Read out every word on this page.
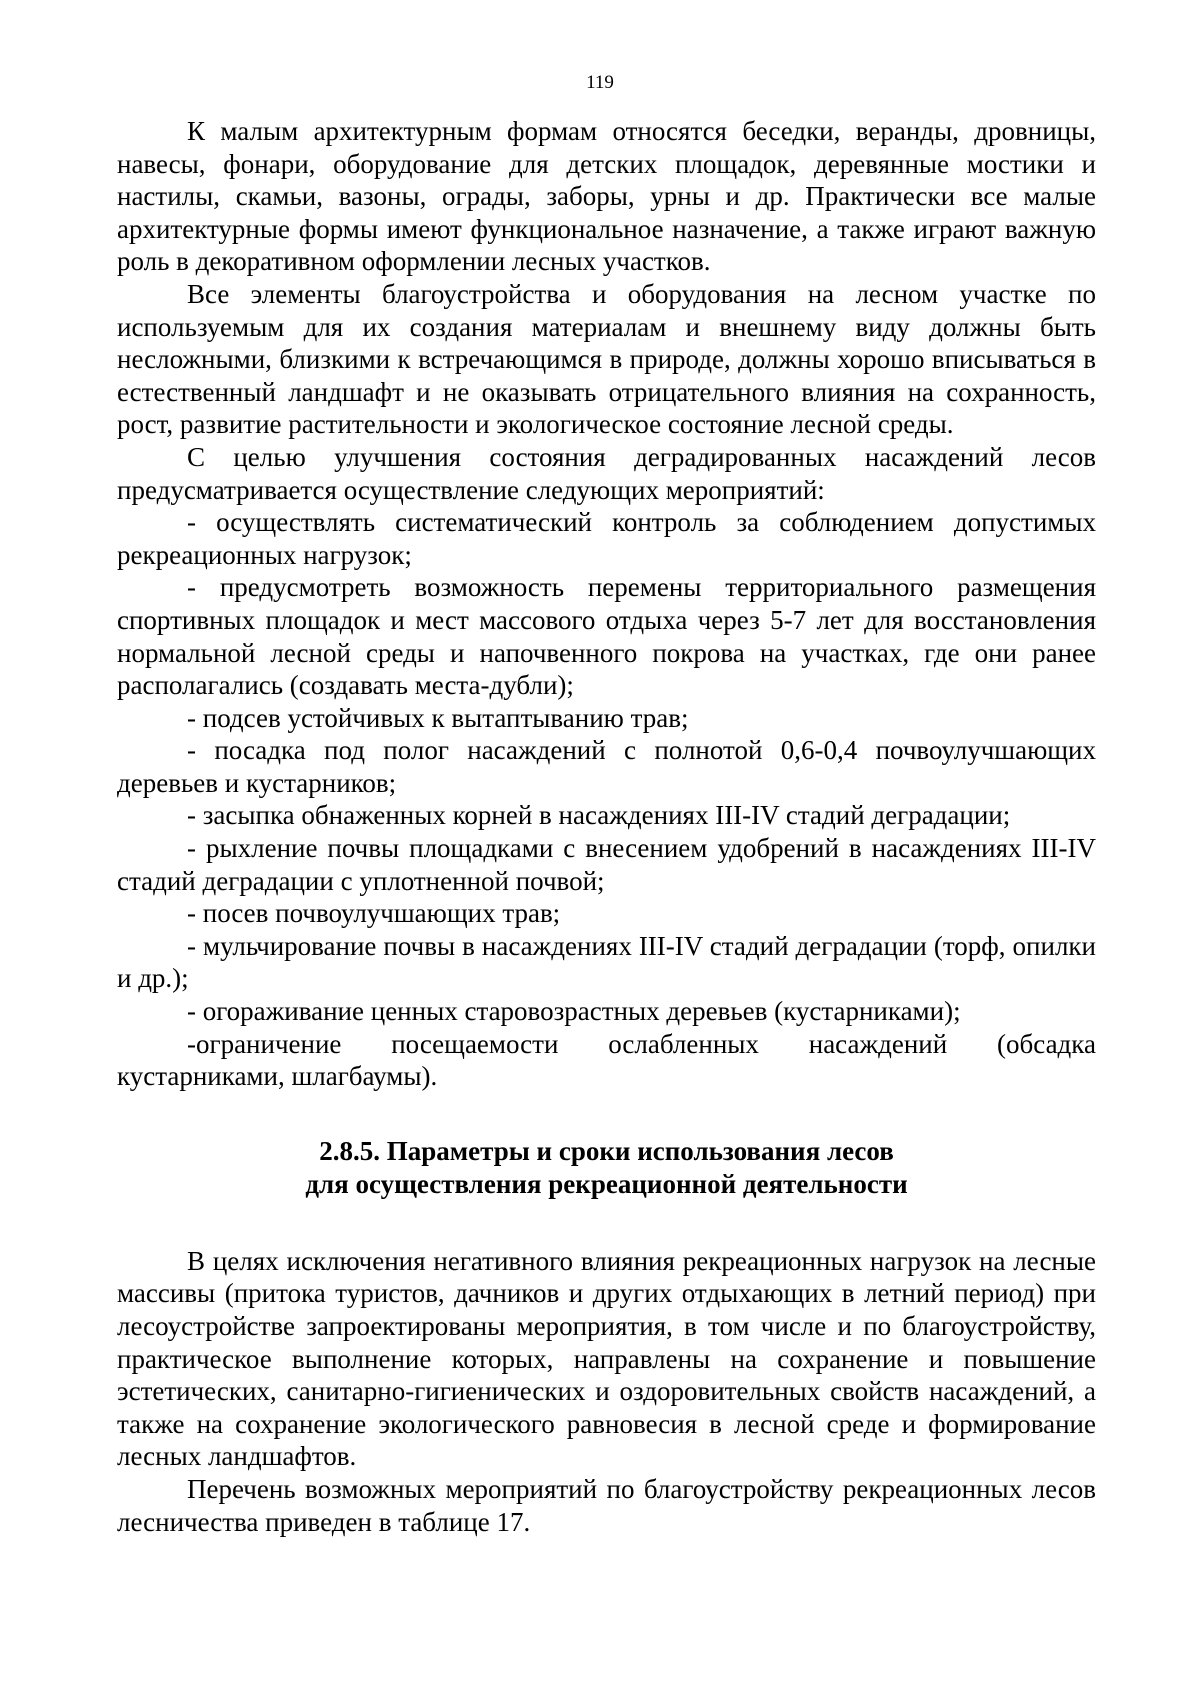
119

К малым архитектурным формам относятся беседки, веранды, дровницы, навесы, фонари, оборудование для детских площадок, деревянные мостики и настилы, скамьи, вазоны, ограды, заборы, урны и др. Практически все малые архитектурные формы имеют функциональное назначение, а также играют важную роль в декоративном оформлении лесных участков.

Все элементы благоустройства и оборудования на лесном участке по используемым для их создания материалам и внешнему виду должны быть несложными, близкими к встречающимся в природе, должны хорошо вписываться в естественный ландшафт и не оказывать отрицательного влияния на сохранность, рост, развитие растительности и экологическое состояние лесной среды.

С целью улучшения состояния деградированных насаждений лесов предусматривается осуществление следующих мероприятий:

- осуществлять систематический контроль за соблюдением допустимых рекреационных нагрузок;

- предусмотреть возможность перемены территориального размещения спортивных площадок и мест массового отдыха через 5-7 лет для восстановления нормальной лесной среды и напочвенного покрова на участках, где они ранее располагались (создавать места-дубли);

- подсев устойчивых к вытаптыванию трав;

- посадка под полог насаждений с полнотой 0,6-0,4 почвоулучшающих деревьев и кустарников;

- засыпка обнаженных корней в насаждениях III-IV стадий деградации;

- рыхление почвы площадками с внесением удобрений в насаждениях III-IV стадий деградации с уплотненной почвой;

- посев почвоулучшающих трав;

- мульчирование почвы в насаждениях III-IV стадий деградации (торф, опилки и др.);

- огораживание ценных старовозрастных деревьев (кустарниками);

-ограничение посещаемости ослабленных насаждений (обсадка кустарниками, шлагбаумы).

2.8.5. Параметры и сроки использования лесов
для осуществления рекреационной деятельности

В целях исключения негативного влияния рекреационных нагрузок на лесные массивы (притока туристов, дачников и других отдыхающих в летний период) при лесоустройстве запроектированы мероприятия, в том числе и по благоустройству, практическое выполнение которых, направлены на сохранение и повышение эстетических, санитарно-гигиенических и оздоровительных свойств насаждений, а также на сохранение экологического равновесия в лесной среде и формирование лесных ландшафтов.

Перечень возможных мероприятий по благоустройству рекреационных лесов лесничества приведен в таблице 17.
